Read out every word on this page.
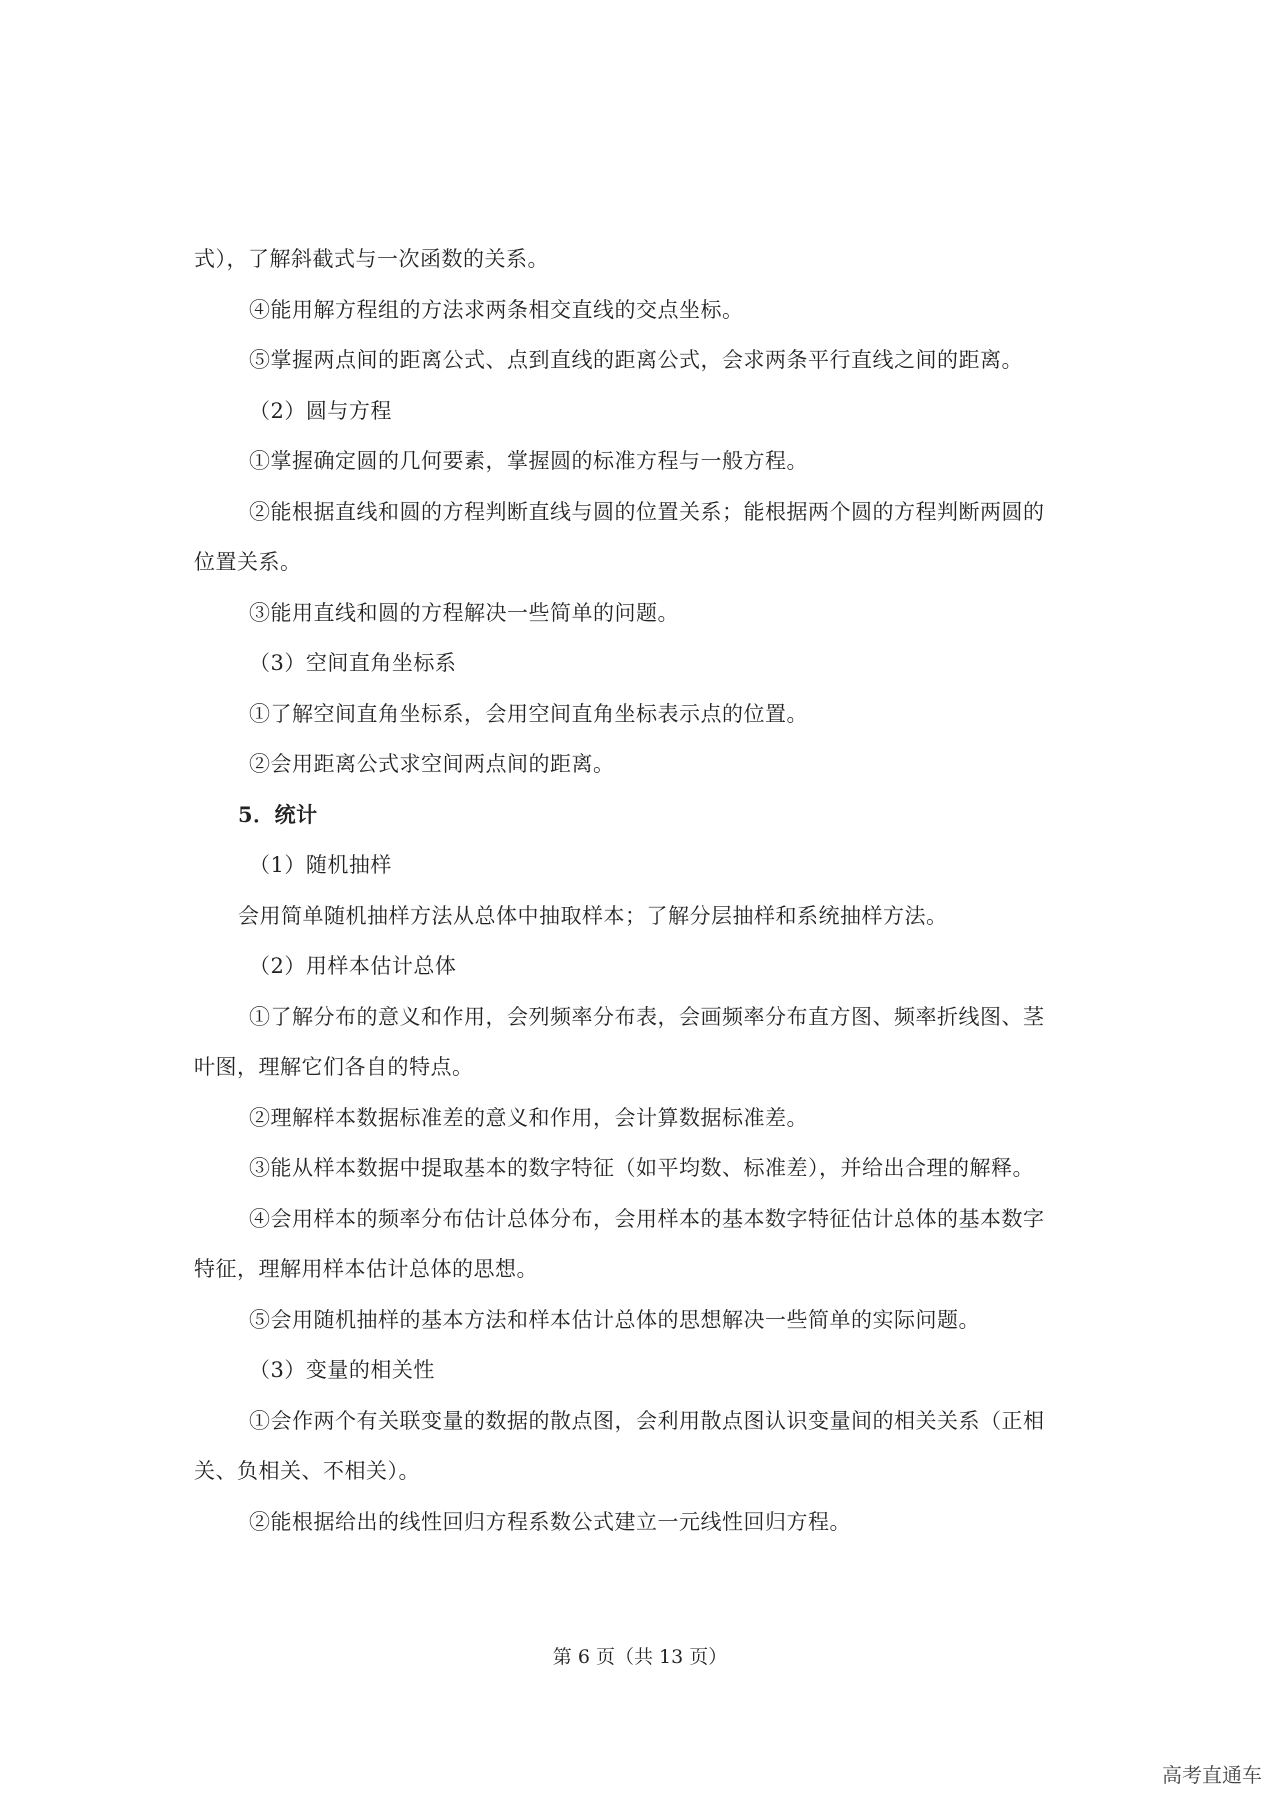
式），了解斜截式与一次函数的关系。
④能用解方程组的方法求两条相交直线的交点坐标。
⑤掌握两点间的距离公式、点到直线的距离公式，会求两条平行直线之间的距离。
（2）圆与方程
①掌握确定圆的几何要素，掌握圆的标准方程与一般方程。
②能根据直线和圆的方程判断直线与圆的位置关系；能根据两个圆的方程判断两圆的
位置关系。
③能用直线和圆的方程解决一些简单的问题。
（3）空间直角坐标系
①了解空间直角坐标系，会用空间直角坐标表示点的位置。
②会用距离公式求空间两点间的距离。
5．统计
（1）随机抽样
会用简单随机抽样方法从总体中抽取样本；了解分层抽样和系统抽样方法。
（2）用样本估计总体
①了解分布的意义和作用，会列频率分布表，会画频率分布直方图、频率折线图、茎
叶图，理解它们各自的特点。
②理解样本数据标准差的意义和作用，会计算数据标准差。
③能从样本数据中提取基本的数字特征（如平均数、标准差），并给出合理的解释。
④会用样本的频率分布估计总体分布，会用样本的基本数字特征估计总体的基本数字
特征，理解用样本估计总体的思想。
⑤会用随机抽样的基本方法和样本估计总体的思想解决一些简单的实际问题。
（3）变量的相关性
①会作两个有关联变量的数据的散点图，会利用散点图认识变量间的相关关系（正相
关、负相关、不相关）。
②能根据给出的线性回归方程系数公式建立一元线性回归方程。
第 6 页（共 13 页）
高考直通车
